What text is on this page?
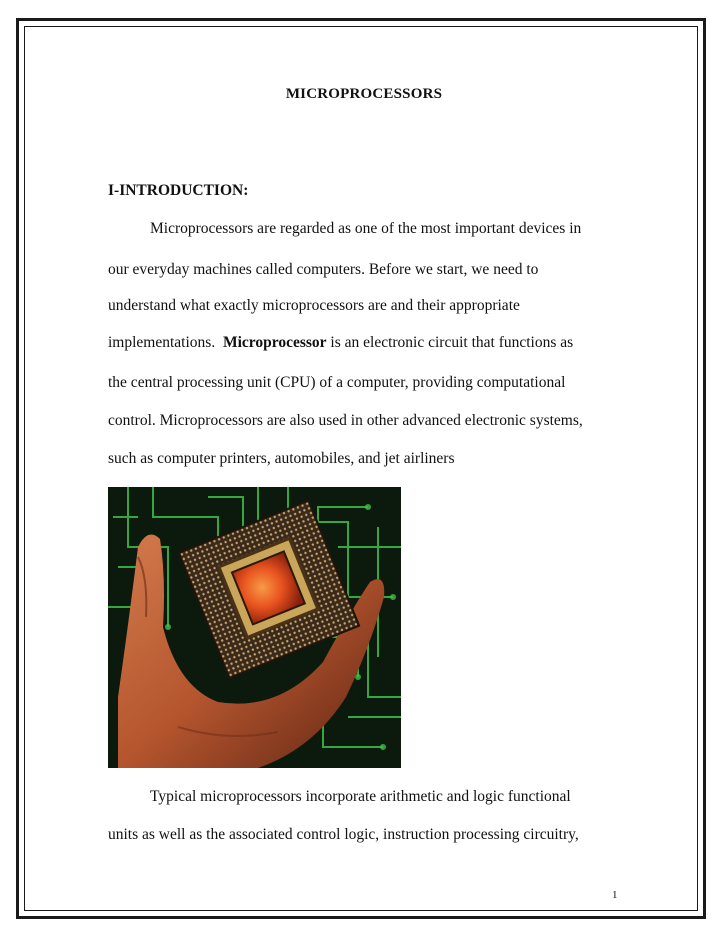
MICROPROCESSORS
I-INTRODUCTION:
Microprocessors are regarded as one of the most important devices in
our everyday machines called computers. Before we start, we need to
understand what exactly microprocessors are and their appropriate
implementations.  Microprocessor is an electronic circuit that functions as
the central processing unit (CPU) of a computer, providing computational
control. Microprocessors are also used in other advanced electronic systems,
such as computer printers, automobiles, and jet airliners
Typical microprocessors incorporate arithmetic and logic functional
units as well as the associated control logic, instruction processing circuitry,
1
